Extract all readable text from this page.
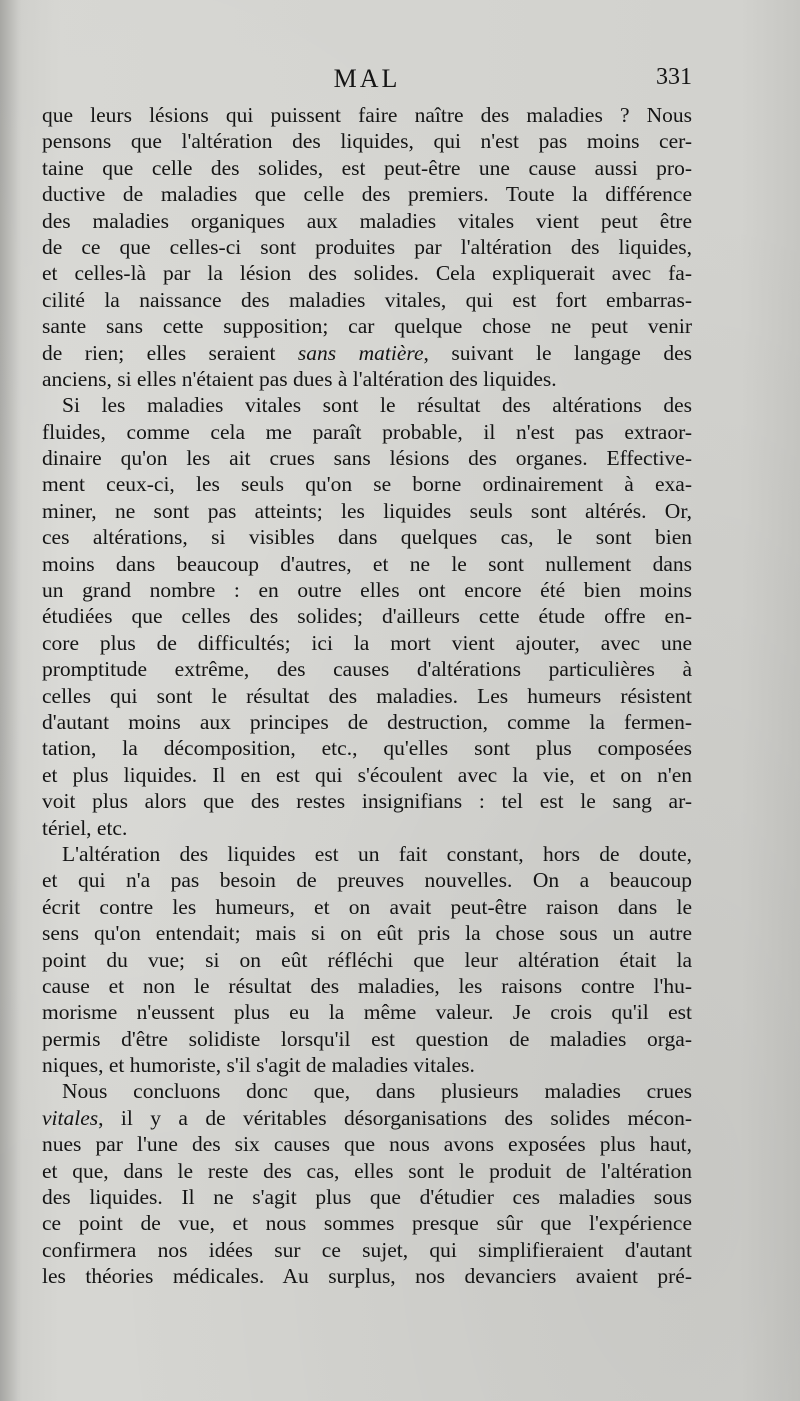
MAL	331
que leurs lésions qui puissent faire naître des maladies ? Nous
pensons que l'altération des liquides, qui n'est pas moins cer-
taine que celle des solides, est peut-être une cause aussi pro-
ductive de maladies que celle des premiers. Toute la différence
des maladies organiques aux maladies vitales vient peut être
de ce que celles-ci sont produites par l'altération des liquides,
et celles-là par la lésion des solides. Cela expliquerait avec fa-
cilité la naissance des maladies vitales, qui est fort embarras-
sante sans cette supposition; car quelque chose ne peut venir
de rien; elles seraient sans matière, suivant le langage des
anciens, si elles n'étaient pas dues à l'altération des liquides.
Si les maladies vitales sont le résultat des altérations des
fluides, comme cela me paraît probable, il n'est pas extraor-
dinaire qu'on les ait crues sans lésions des organes. Effective-
ment ceux-ci, les seuls qu'on se borne ordinairement à exa-
miner, ne sont pas atteints; les liquides seuls sont altérés. Or,
ces altérations, si visibles dans quelques cas, le sont bien
moins dans beaucoup d'autres, et ne le sont nullement dans
un grand nombre : en outre elles ont encore été bien moins
étudiées que celles des solides; d'ailleurs cette étude offre en-
core plus de difficultés; ici la mort vient ajouter, avec une
promptitude extrême, des causes d'altérations particulières à
celles qui sont le résultat des maladies. Les humeurs résistent
d'autant moins aux principes de destruction, comme la fermen-
tation, la décomposition, etc., qu'elles sont plus composées
et plus liquides. Il en est qui s'écoulent avec la vie, et on n'en
voit plus alors que des restes insignifians : tel est le sang ar-
tériel, etc.
L'altération des liquides est un fait constant, hors de doute,
et qui n'a pas besoin de preuves nouvelles. On a beaucoup
écrit contre les humeurs, et on avait peut-être raison dans le
sens qu'on entendait; mais si on eût pris la chose sous un autre
point du vue; si on eût réfléchi que leur altération était la
cause et non le résultat des maladies, les raisons contre l'hu-
morisme n'eussent plus eu la même valeur. Je crois qu'il est
permis d'être solidiste lorsqu'il est question de maladies orga-
niques, et humoriste, s'il s'agit de maladies vitales.
Nous concluons donc que, dans plusieurs maladies crues
vitales, il y a de véritables désorganisations des solides mécon-
nues par l'une des six causes que nous avons exposées plus haut,
et que, dans le reste des cas, elles sont le produit de l'altération
des liquides. Il ne s'agit plus que d'étudier ces maladies sous
ce point de vue, et nous sommes presque sûr que l'expérience
confirmera nos idées sur ce sujet, qui simplifieraient d'autant
les théories médicales. Au surplus, nos devanciers avaient pré-
